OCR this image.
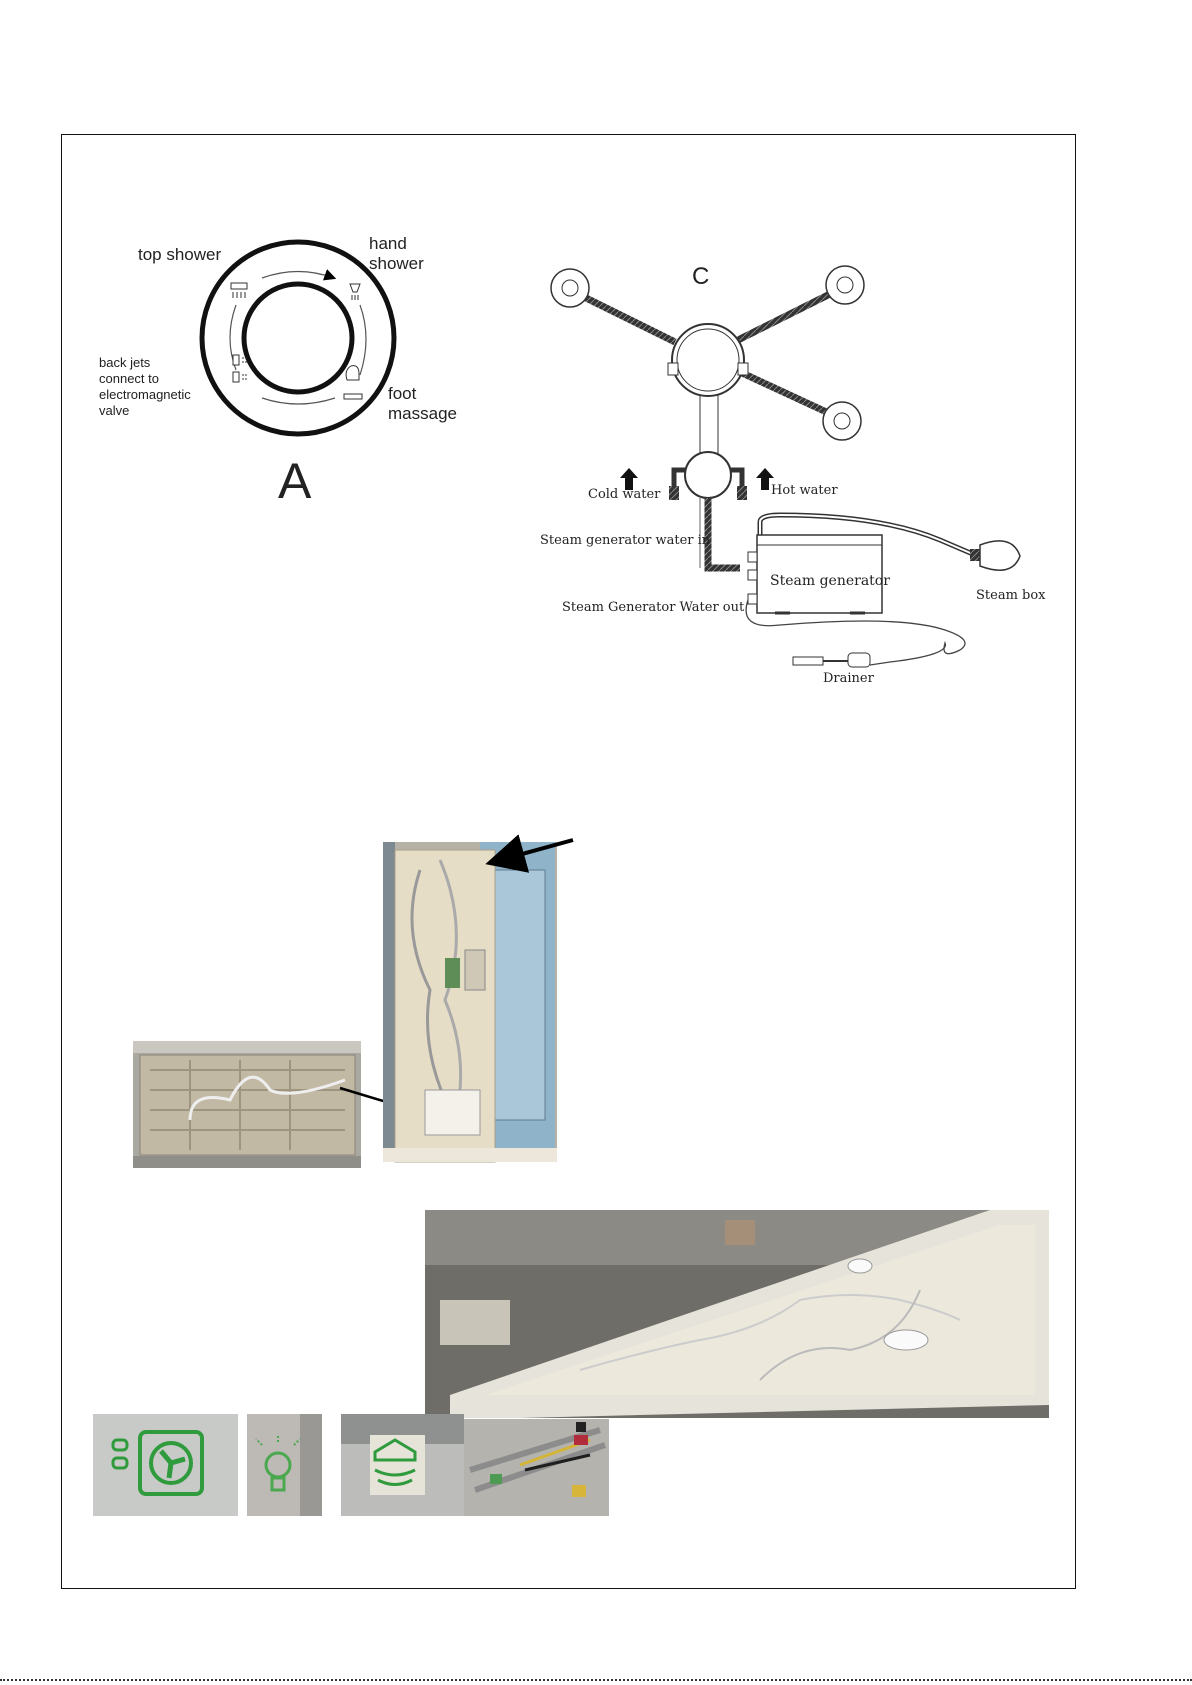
top shower
hand
shower
back jets
connect to
electromagnetic
valve
foot
massage
A
C
Cold water	Hot water
Steam box
Steam generator
Steam generator water in
Steam Generator Water out
Drainer
